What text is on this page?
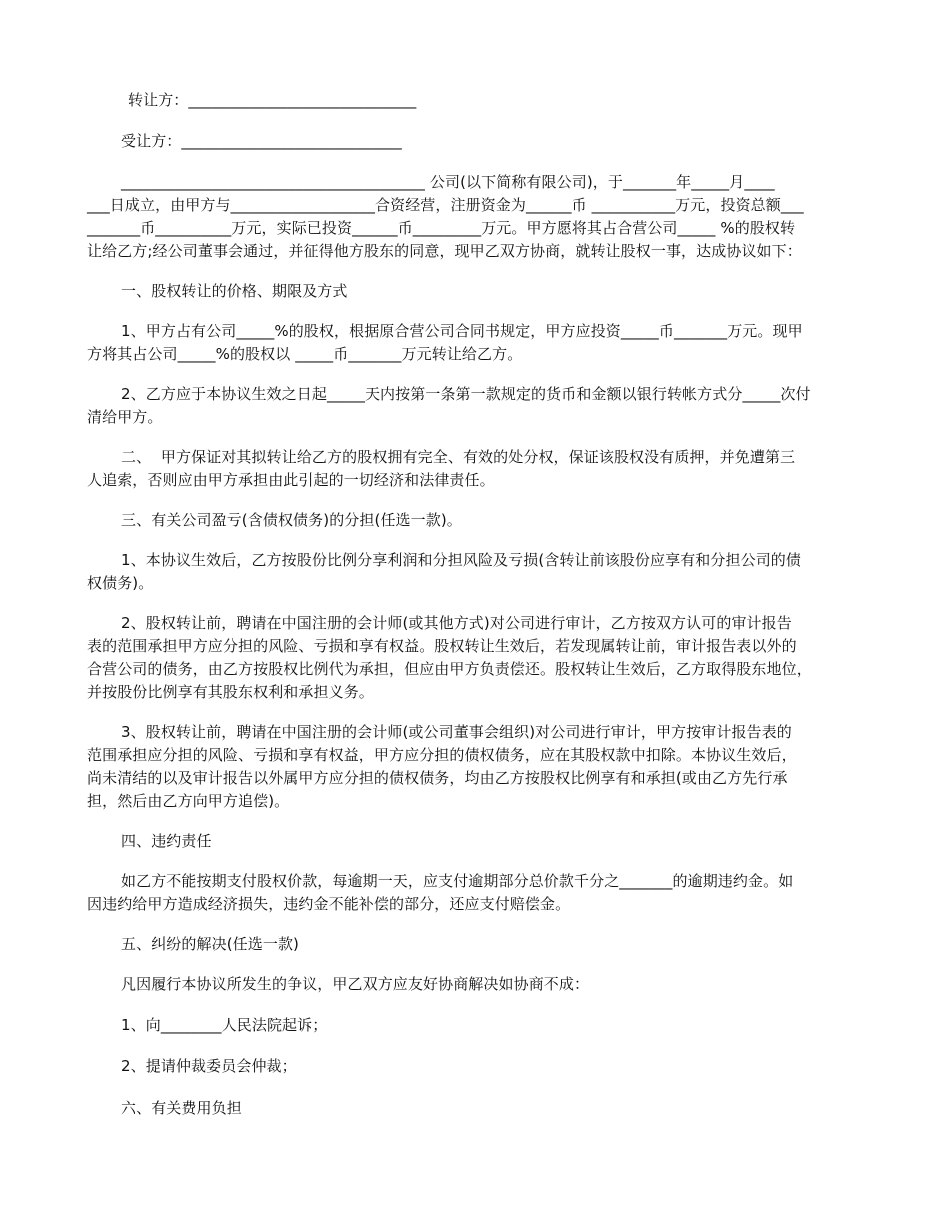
转让方：______________________________
受让方：_____________________________
________________________________________ 公司(以下简称有限公司)，于_______年_____月____
___日成立，由甲方与___________________合资经营，注册资金为______币 ___________万元，投资总额___
_______币__________万元，实际已投资______币_________万元。甲方愿将其占合营公司_____ %的股权转
让给乙方;经公司董事会通过，并征得他方股东的同意，现甲乙双方协商，就转让股权一事，达成协议如下：
一、股权转让的价格、期限及方式
1、甲方占有公司_____%的股权，根据原合营公司合同书规定，甲方应投资_____币_______万元。现甲
方将其占公司_____%的股权以 _____币_______万元转让给乙方。
2、乙方应于本协议生效之日起_____天内按第一条第一款规定的货币和金额以银行转帐方式分_____次付
清给甲方。
二、  甲方保证对其拟转让给乙方的股权拥有完全、有效的处分权，保证该股权没有质押，并免遭第三
人追索，否则应由甲方承担由此引起的一切经济和法律责任。
三、有关公司盈亏(含债权债务)的分担(任选一款)。
1、本协议生效后，乙方按股份比例分享利润和分担风险及亏损(含转让前该股份应享有和分担公司的债
权债务)。
2、股权转让前，聘请在中国注册的会计师(或其他方式)对公司进行审计，乙方按双方认可的审计报告
表的范围承担甲方应分担的风险、亏损和享有权益。股权转让生效后，若发现属转让前，审计报告表以外的
合营公司的债务，由乙方按股权比例代为承担，但应由甲方负责偿还。股权转让生效后，乙方取得股东地位，
并按股份比例享有其股东权利和承担义务。
3、股权转让前，聘请在中国注册的会计师(或公司董事会组织)对公司进行审计，甲方按审计报告表的
范围承担应分担的风险、亏损和享有权益，甲方应分担的债权债务，应在其股权款中扣除。本协议生效后，
尚未清结的以及审计报告以外属甲方应分担的债权债务，均由乙方按股权比例享有和承担(或由乙方先行承
担，然后由乙方向甲方追偿)。
四、违约责任
如乙方不能按期支付股权价款，每逾期一天，应支付逾期部分总价款千分之_______的逾期违约金。如
因违约给甲方造成经济损失，违约金不能补偿的部分，还应支付赔偿金。
五、纠纷的解决(任选一款)
凡因履行本协议所发生的争议，甲乙双方应友好协商解决如协商不成：
1、向________人民法院起诉；
2、提请仲裁委员会仲裁；
六、有关费用负担
